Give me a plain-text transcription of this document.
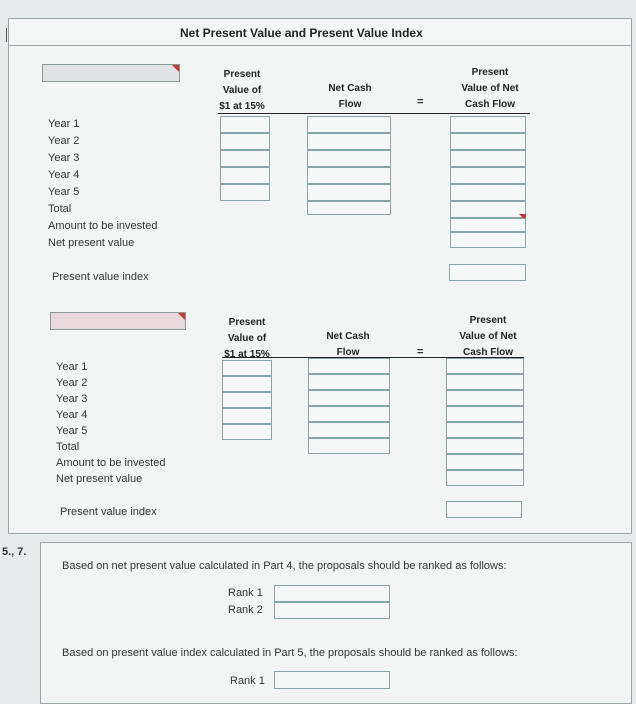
Net Present Value and Present Value Index
Present
Value of
$1 at 15%
Net Cash
Flow	=
Present
Value of Net
Cash Flow
Year 1
Year 2
Year 3
Year 4
Year 5
Total
Amount to be invested
Net present value
Present value index
Present
Value of
$1 at 15%
Net Cash
Flow	=
Present
Value of Net
Cash Flow
Year 1
Year 2
Year 3
Year 4
Year 5
Total
Amount to be invested
Net present value
Present value index
5., 7.
Based on net present value calculated in Part 4, the proposals should be ranked as follows:
Rank 1
Rank 2
Based on present value index calculated in Part 5, the proposals should be ranked as follows:
Rank 1
